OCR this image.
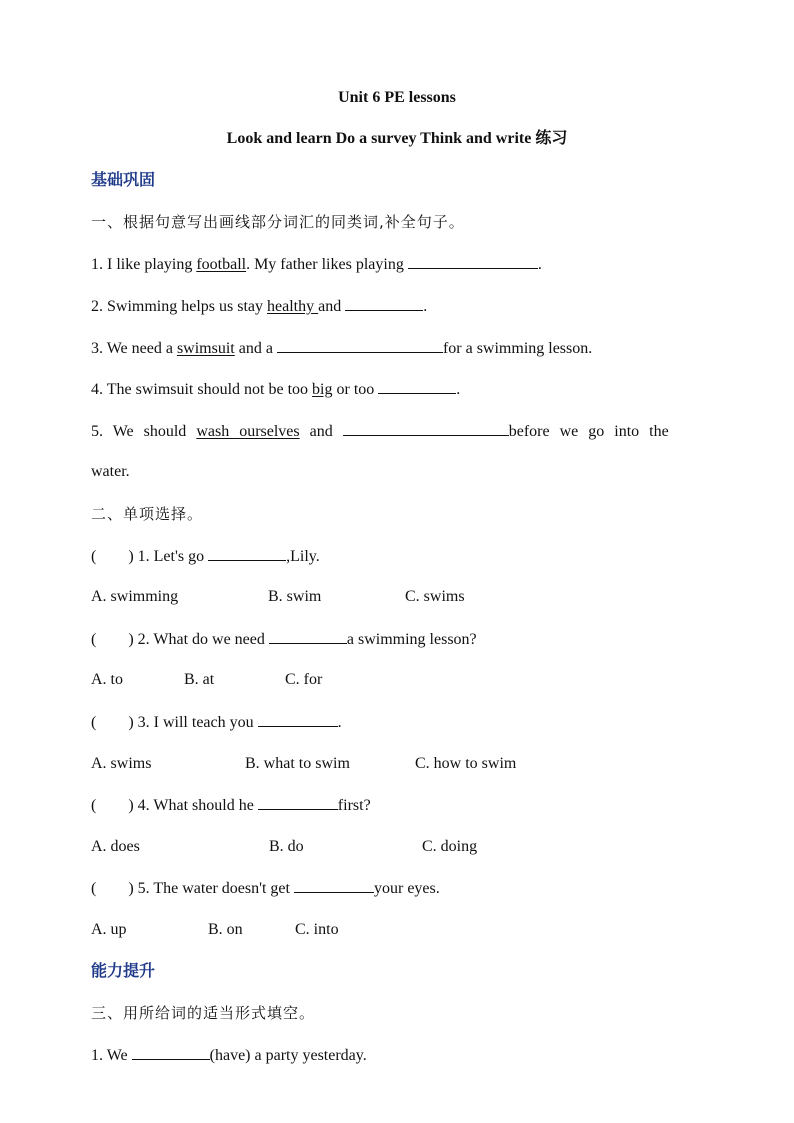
Unit 6 PE lessons
Look and learn Do a survey Think and write 练习
基础巩固
一、根据句意写出画线部分词汇的同类词,补全句子。
1. I like playing football. My father likes playing	.
2. Swimming helps us stay healthy and	.
3. We need a swimsuit and a	for a swimming lesson.
4. The swimsuit should not be too big or too	.
5. We should wash ourselves and	before we go into the
water.
二、单项选择。
(        ) 1. Let's go	,Lily.
A. swimming	B. swim	C. swims
(        ) 2. What do we need	a swimming lesson?
A. to	B. at	C. for
(        ) 3. I will teach you	.
A. swims	B. what to swim	C. how to swim
(        ) 4. What should he	first?
A. does	B. do	C. doing
(        ) 5. The water doesn't get	your eyes.
A. up	B. on	C. into
能力提升
三、用所给词的适当形式填空。
1. We	(have) a party yesterday.
